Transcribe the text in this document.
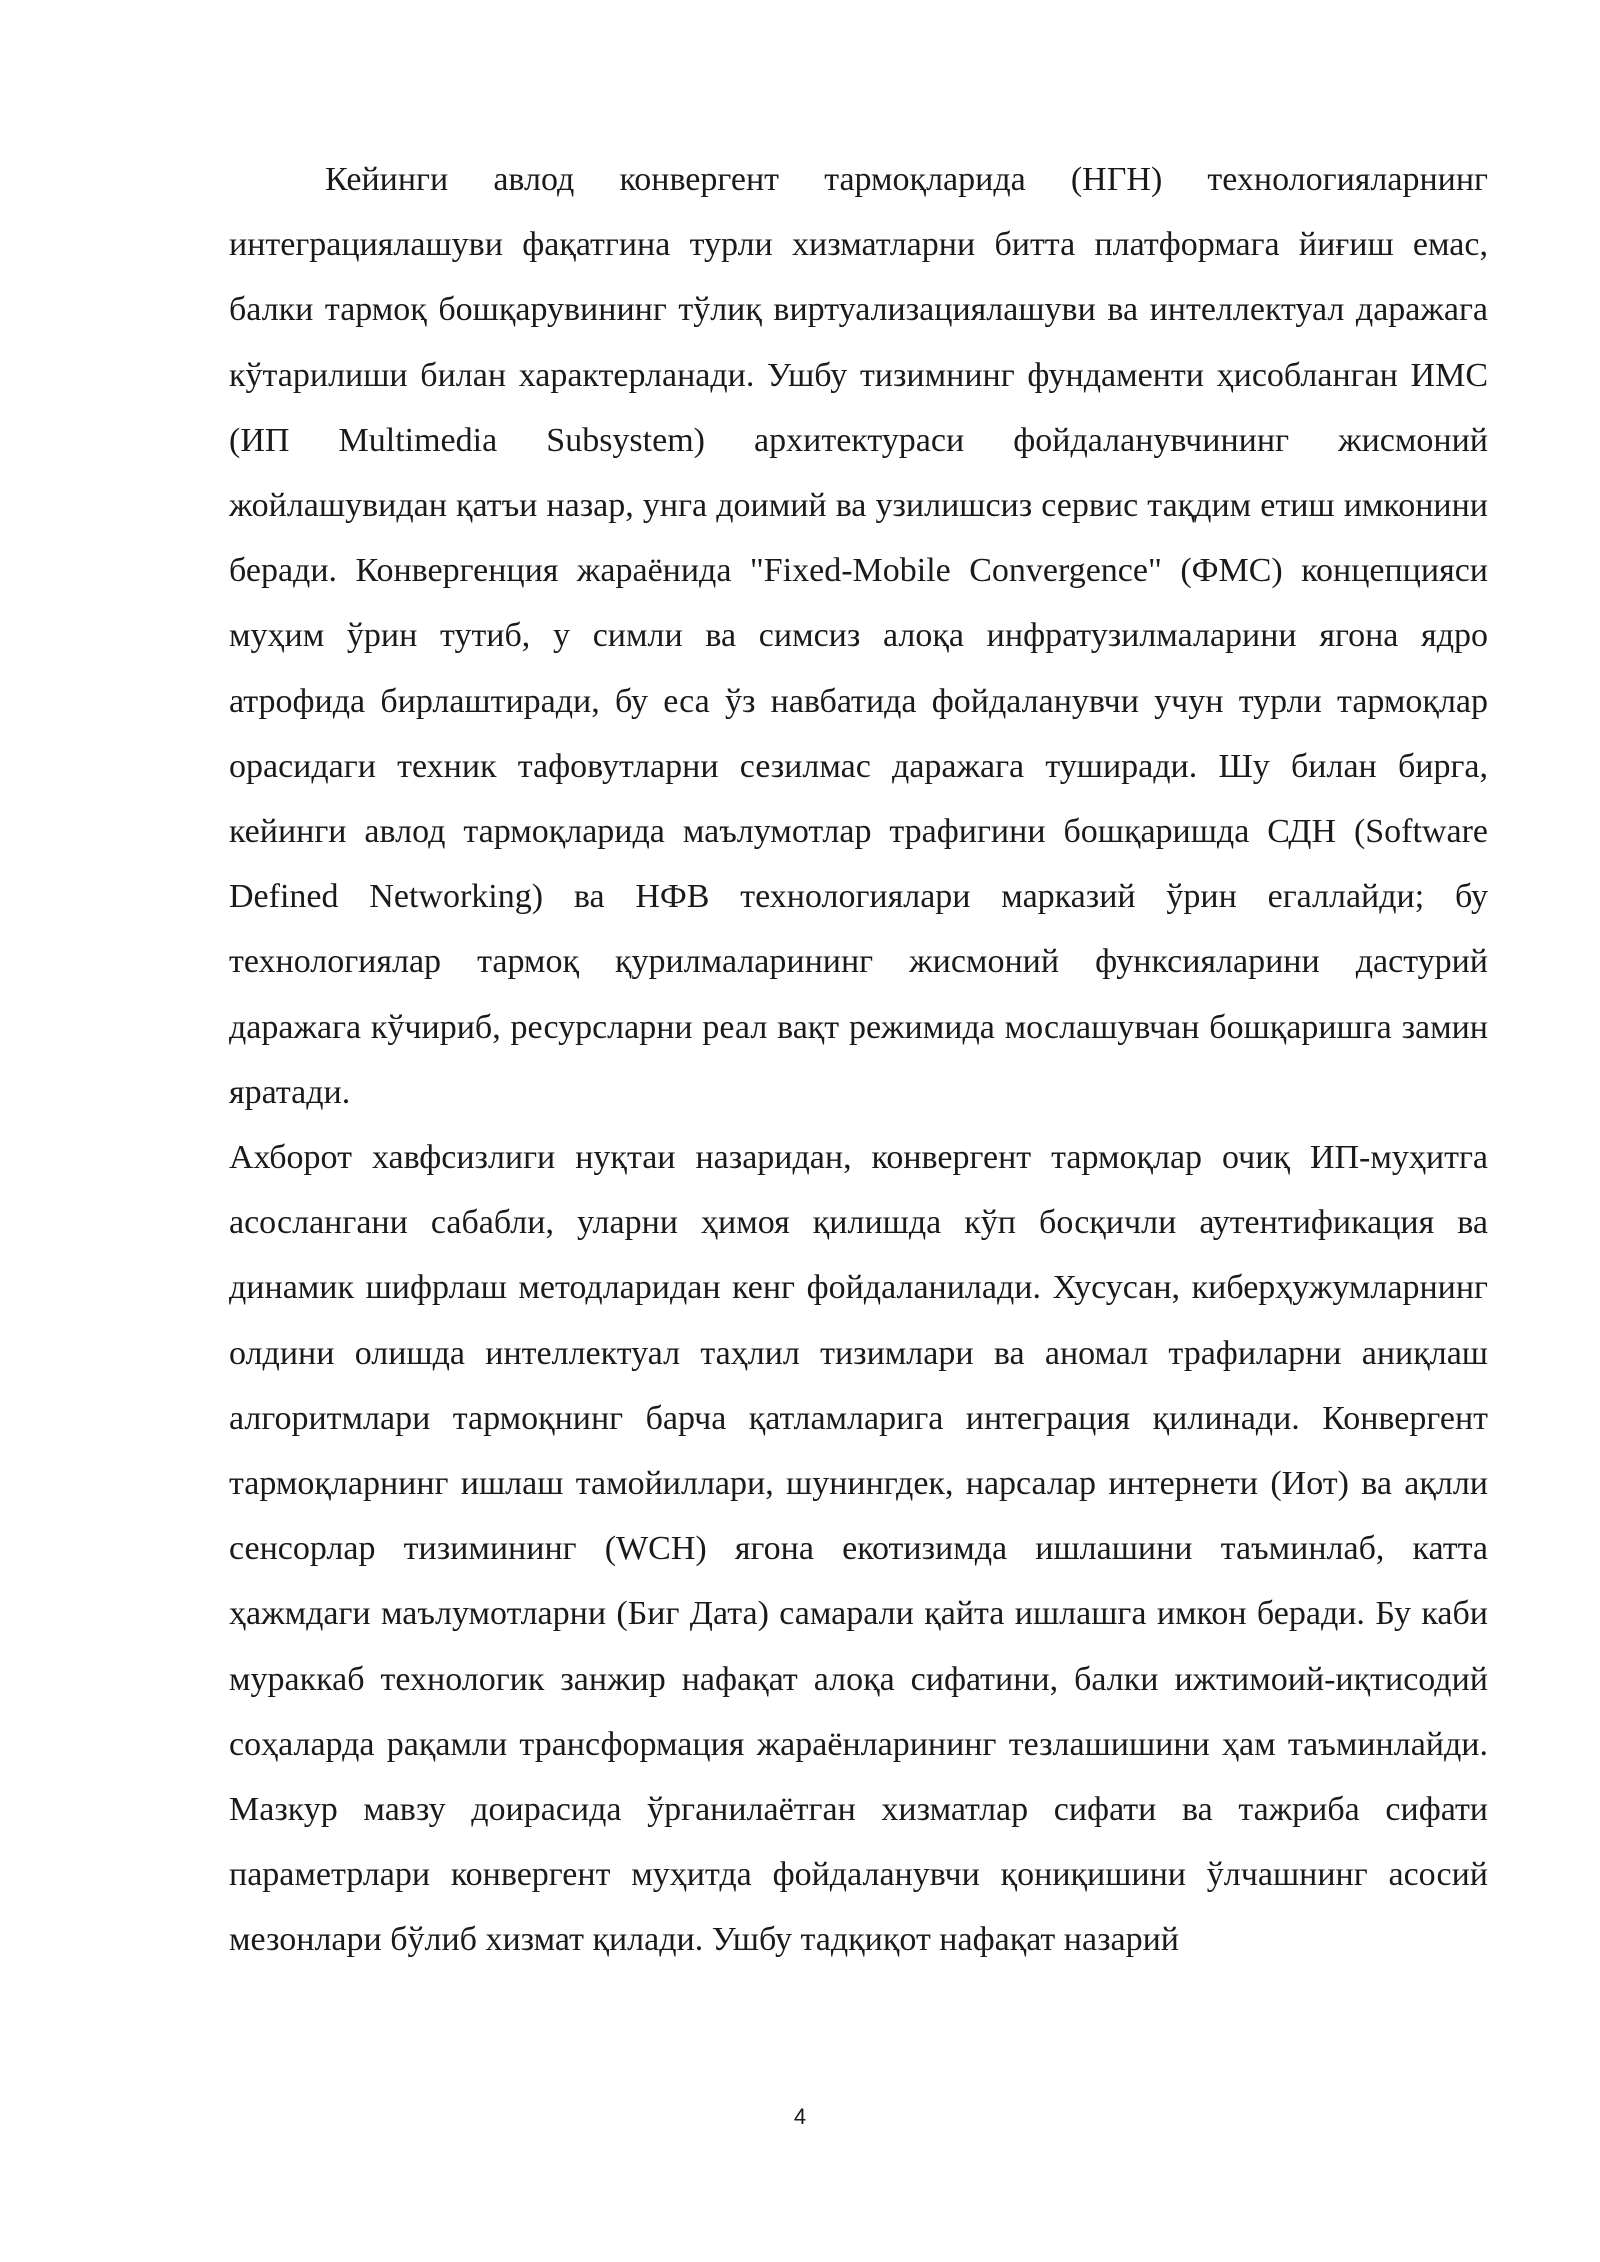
Кейинги авлод конвергент тармоқларида (НГН) технологияларнинг интеграциялашуви фақатгина турли хизматларни битта платформага йиғиш емас, балки тармоқ бошқарувининг тўлиқ виртуализациялашуви ва интеллектуал даражага кўтарилиши билан характерланади. Ушбу тизимнинг фундаменти ҳисобланган ИМС (ИП Multimedia Subsystem) архитектураси фойдаланувчининг жисмоний жойлашувидан қатъи назар, унга доимий ва узилишсиз сервис тақдим етиш имконини беради. Конвергенция жараёнида "Fixed-Mobile Convergence" (ФМС) концепцияси муҳим ўрин тутиб, у симли ва симсиз алоқа инфратузилмаларини ягона ядро атрофида бирлаштиради, бу еса ўз навбатида фойдаланувчи учун турли тармоқлар орасидаги техник тафовутларни сезилмас даражага туширади. Шу билан бирга, кейинги авлод тармоқларида маълумотлар трафигини бошқаришда СДН (Software Defined Networking) ва НФВ технологиялари марказий ўрин егаллайди; бу технологиялар тармоқ қурилмаларининг жисмоний функсияларини дастурий даражага кўчириб, ресурсларни реал вақт режимида мослашувчан бошқаришга замин яратади.

Ахборот хавфсизлиги нуқтаи назаридан, конвергент тармоқлар очиқ ИП-муҳитга асослангани сабабли, уларни ҳимоя қилишда кўп босқичли аутентификация ва динамик шифрлаш методларидан кенг фойдаланилади. Хусусан, киберҳужумларнинг олдини олишда интеллектуал таҳлил тизимлари ва аномал трафиларни аниқлаш алгоритмлари тармоқнинг барча қатламларига интеграция қилинади. Конвергент тармоқларнинг ишлаш тамойиллари, шунингдек, нарсалар интернети (Иот) ва ақлли сенсорлар тизимининг (WCH) ягона екотизимда ишлашини таъминлаб, катта ҳажмдаги маълумотларни (Биг Дата) самарали қайта ишлашга имкон беради. Бу каби мураккаб технологик занжир нафақат алоқа сифатини, балки ижтимоий-иқтисодий соҳаларда рақамли трансформация жараёнларининг тезлашишини ҳам таъминлайди. Мазкур мавзу доирасида ўрганилаётган хизматлар сифати ва тажриба сифати параметрлари конвергент муҳитда фойдаланувчи қониқишини ўлчашнинг асосий мезонлари бўлиб хизмат қилади. Ушбу тадқиқот нафақат назарий

4
